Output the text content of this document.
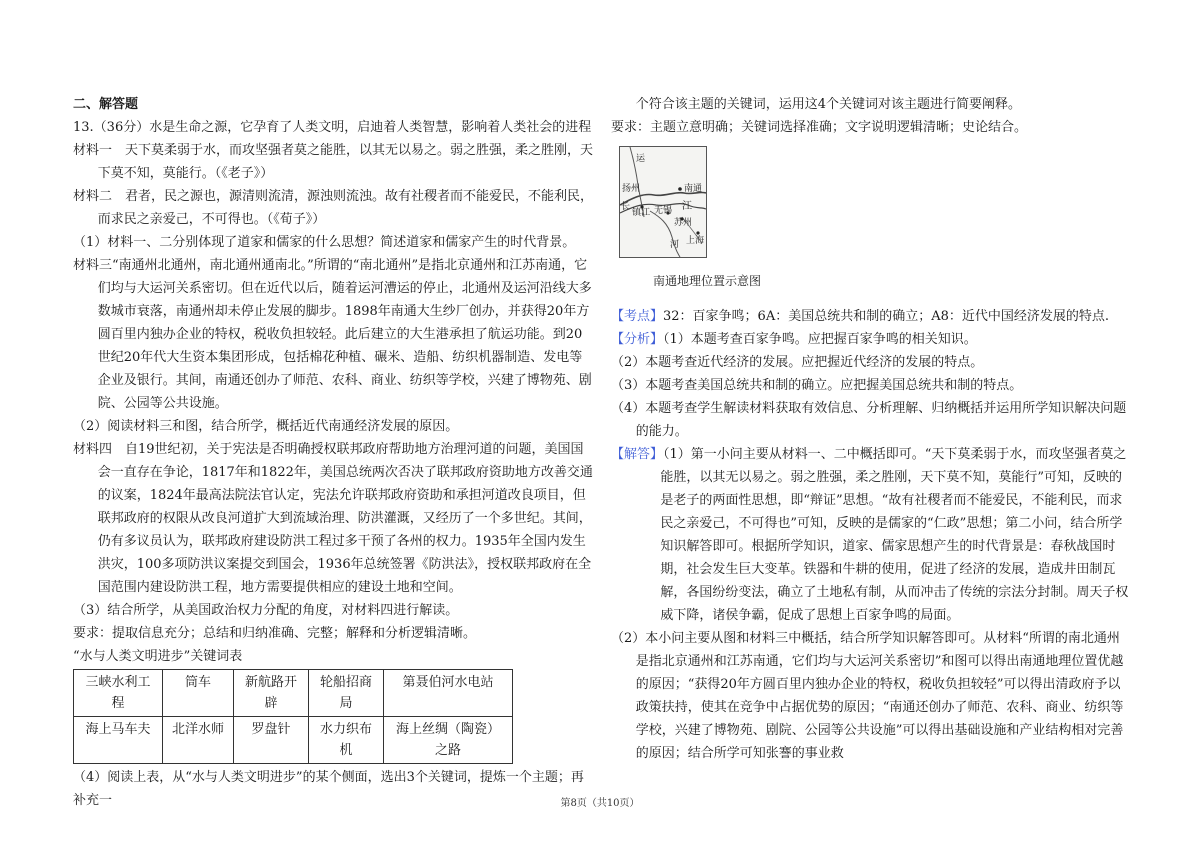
二、解答题

13.（36分）水是生命之源，它孕育了人类文明，启迪着人类智慧，影响着人类社会的进程

材料一　天下莫柔弱于水，而攻坚强者莫之能胜，以其无以易之。弱之胜强，柔之胜刚，天下莫不知，莫能行。（《老子》）

材料二　君者，民之源也，源清则流清，源浊则流浊。故有社稷者而不能爱民，不能利民，而求民之亲爱己，不可得也。（《荀子》）

（1）材料一、二分别体现了道家和儒家的什么思想？简述道家和儒家产生的时代背景。

材料三“南通州北通州，南北通州通南北。”所谓的“南北通州”是指北京通州和江苏南通，它们均与大运河关系密切。但在近代以后，随着运河漕运的停止，北通州及运河沿线大多数城市衰落，南通州却未停止发展的脚步。1898年南通大生纱厂创办，并获得20年方圆百里内独办企业的特权，税收负担较轻。此后建立的大生港承担了航运功能。到20世纪20年代大生资本集团形成，包括棉花种植、碾米、造船、纺织机器制造、发电等企业及银行。其间，南通还创办了师范、农科、商业、纺织等学校，兴建了博物苑、剧院、公园等公共设施。

（2）阅读材料三和图，结合所学，概括近代南通经济发展的原因。

材料四　自19世纪初，关于宪法是否明确授权联邦政府帮助地方治理河道的问题，美国国会一直存在争论，1817年和1822年，美国总统两次否决了联邦政府资助地方改善交通的议案，1824年最高法院法官认定，宪法允许联邦政府资助和承担河道改良项目，但联邦政府的权限从改良河道扩大到流域治理、防洪灌溉，又经历了一个多世纪。其间，仍有多议员认为，联邦政府建设防洪工程过多干预了各州的权力。1935年全国内发生洪灾，100多项防洪议案提交到国会，1936年总统签署《防洪法》，授权联邦政府在全国范围内建设防洪工程，地方需要提供相应的建设土地和空间。

（3）结合所学，从美国政治权力分配的角度，对材料四进行解读。

要求：提取信息充分；总结和归纳准确、完整；解释和分析逻辑清晰。

“水与人类文明进步”关键词表

三峡水利工程	筒车	新航路开辟	轮船招商局	第聂伯河水电站
海上马车夫	北洋水师	罗盘针	水力织布机	海上丝绸（陶瓷）之路

（4）阅读上表，从“水与人类文明进步”的某个侧面，选出3个关键词，提炼一个主题；再补充一

个符合该主题的关键词，运用这4个关键词对该主题进行简要阐释。

要求：主题立意明确；关键词选择准确；文字说明逻辑清晰；史论结合。

运
扬州
长
镇江
南通
无锡 江
苏州
上海
河

南通地理位置示意图

【考点】32：百家争鸣；6A：美国总统共和制的确立；A8：近代中国经济发展的特点.

【分析】（1）本题考查百家争鸣。应把握百家争鸣的相关知识。

（2）本题考查近代经济的发展。应把握近代经济的发展的特点。

（3）本题考查美国总统共和制的确立。应把握美国总统共和制的特点。

（4）本题考查学生解读材料获取有效信息、分析理解、归纳概括并运用所学知识解决问题的能力。

【解答】（1）第一小问主要从材料一、二中概括即可。“天下莫柔弱于水，而攻坚强者莫之能胜，以其无以易之。弱之胜强，柔之胜刚，天下莫不知，莫能行”可知，反映的是老子的两面性思想，即“辩证”思想。“故有社稷者而不能爱民，不能利民，而求民之亲爱己，不可得也”可知，反映的是儒家的“仁政”思想；第二小问，结合所学知识解答即可。根据所学知识，道家、儒家思想产生的时代背景是：春秋战国时期，社会发生巨大变革。铁器和牛耕的使用，促进了经济的发展，造成井田制瓦解，各国纷纷变法，确立了土地私有制，从而冲击了传统的宗法分封制。周天子权威下降，诸侯争霸，促成了思想上百家争鸣的局面。

（2）本小问主要从图和材料三中概括，结合所学知识解答即可。从材料“所谓的南北通州是指北京通州和江苏南通，它们均与大运河关系密切”和图可以得出南通地理位置优越的原因；“获得20年方圆百里内独办企业的特权，税收负担较轻”可以得出清政府予以政策扶持，使其在竞争中占据优势的原因；“南通还创办了师范、农科、商业、纺织等学校，兴建了博物苑、剧院、公园等公共设施”可以得出基础设施和产业结构相对完善的原因；结合所学可知张謇的事业救

第8页（共10页）
